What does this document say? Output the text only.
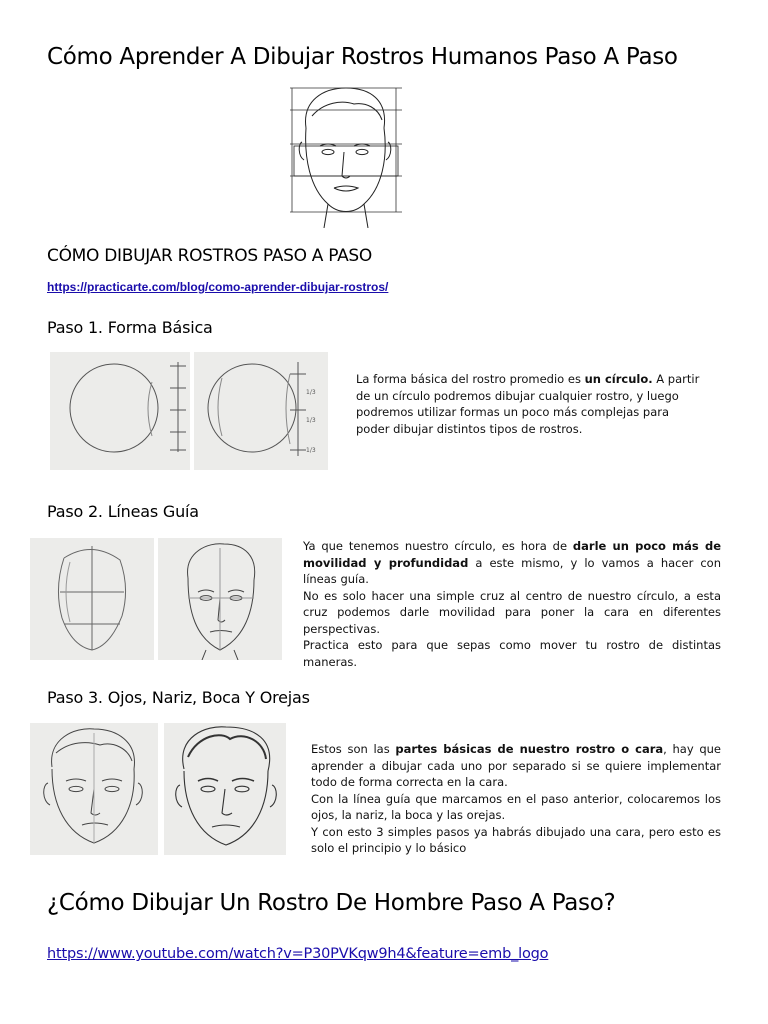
Cómo Aprender A Dibujar Rostros Humanos Paso A Paso
CÓMO DIBUJAR ROSTROS PASO A PASO
https://practicarte.com/blog/como-aprender-dibujar-rostros/
Paso 1. Forma Básica
1/3
1/3
1/3
La forma básica del rostro promedio es un círculo. A partir de un círculo podremos dibujar cualquier rostro, y luego podremos utilizar formas un poco más complejas para poder dibujar distintos tipos de rostros.
Paso 2. Líneas Guía
Ya que tenemos nuestro círculo, es hora de darle un poco más de movilidad y profundidad a este mismo, y lo vamos a hacer con líneas guía.
No es solo hacer una simple cruz al centro de nuestro círculo, a esta cruz podemos darle movilidad para poner la cara en diferentes perspectivas.
Practica esto para que sepas como mover tu rostro de distintas maneras.
Paso 3. Ojos, Nariz, Boca Y Orejas
Estos son las partes básicas de nuestro rostro o cara, hay que aprender a dibujar cada uno por separado si se quiere implementar todo de forma correcta en la cara.
Con la línea guía que marcamos en el paso anterior, colocaremos los ojos, la nariz, la boca y las orejas.
Y con esto 3 simples pasos ya habrás dibujado una cara, pero esto es solo el principio y lo básico
¿Cómo Dibujar Un Rostro De Hombre Paso A Paso?
https://www.youtube.com/watch?v=P30PVKqw9h4&feature=emb_logo
